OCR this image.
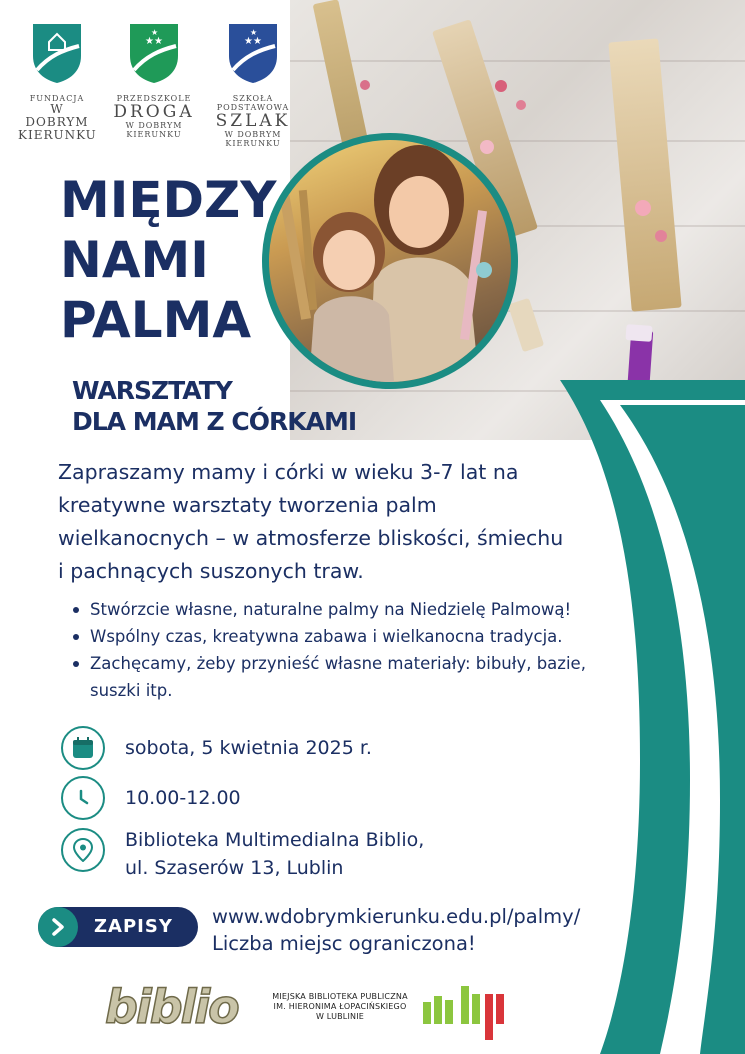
FUNDACJA
W DOBRYM
KIERUNKU
★★
★
PRZEDSZKOLE
DROGA
W DOBRYM KIERUNKU
★★
★
SZKOŁA PODSTAWOWA
SZLAK
W DOBRYM KIERUNKU
MIĘDZY
NAMI
PALMA
WARSZTATY
DLA MAM Z CÓRKAMI
Zapraszamy mamy i córki w wieku 3-7 lat na kreatywne warsztaty tworzenia palm wielkanocnych – w atmosferze bliskości, śmiechu i pachnących suszonych traw.
Stwórzcie własne, naturalne palmy na Niedzielę Palmową!
Wspólny czas, kreatywna zabawa i wielkanocna tradycja.
Zachęcamy, żeby przynieść własne materiały: bibuły, bazie, suszki itp.
sobota, 5 kwietnia 2025 r.
10.00-12.00
Biblioteka Multimedialna Biblio,
ul. Szaserów 13, Lublin
ZAPISY www.wdobrymkierunku.edu.pl/palmy/
Liczba miejsc ograniczona!
biblio	MIEJSKA BIBLIOTEKA PUBLICZNA
IM. HIERONIMA ŁOPACIŃSKIEGO
W LUBLINIE
